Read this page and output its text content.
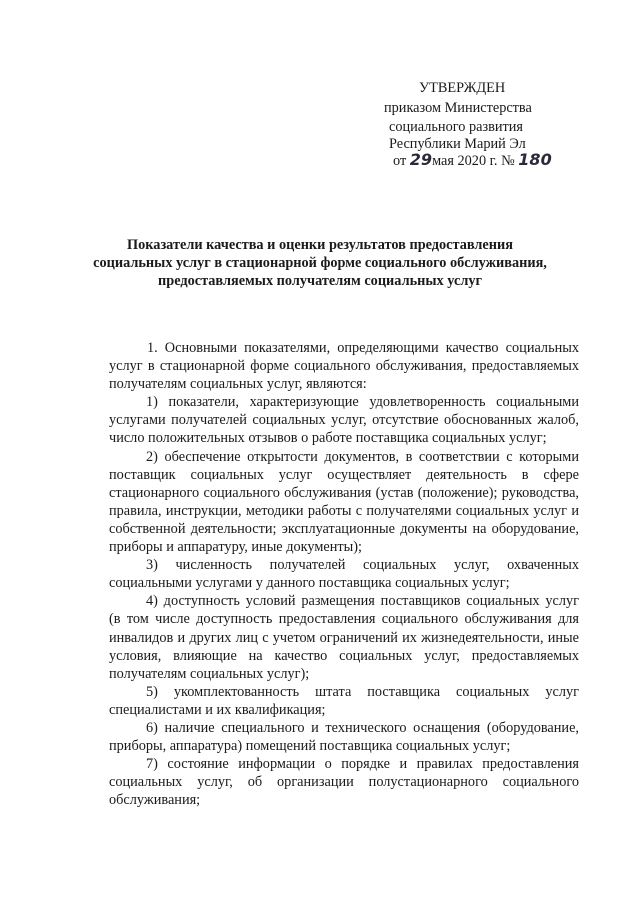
УТВЕРЖДЕН
приказом Министерства
социального развития
Республики Марий Эл
от 29мая 2020 г. № 180
Показатели качества и оценки результатов предоставления социальных услуг в стационарной форме социального обслуживания, предоставляемых получателям социальных услуг

1. Основными показателями, определяющими качество социальных услуг в стационарной форме социального обслуживания, предоставляемых получателям социальных услуг, являются:

1) показатели, характеризующие удовлетворенность социальными услугами получателей социальных услуг, отсутствие обоснованных жалоб, число положительных отзывов о работе поставщика социальных услуг;

2) обеспечение открытости документов, в соответствии с которыми поставщик социальных услуг осуществляет деятельность в сфере стационарного социального обслуживания (устав (положение); руководства, правила, инструкции, методики работы с получателями социальных услуг и собственной деятельности; эксплуатационные документы на оборудование, приборы и аппаратуру, иные документы);

3) численность получателей социальных услуг, охваченных социальными услугами у данного поставщика социальных услуг;

4) доступность условий размещения поставщиков социальных услуг (в том числе доступность предоставления социального обслуживания для инвалидов и других лиц с учетом ограничений их жизнедеятельности, иные условия, влияющие на качество социальных услуг, предоставляемых получателям социальных услуг);

5) укомплектованность штата поставщика социальных услуг специалистами и их квалификация;

6) наличие специального и технического оснащения (оборудование, приборы, аппаратура) помещений поставщика социальных услуг;

7) состояние информации о порядке и правилах предоставления социальных услуг, об организации полустационарного социального обслуживания;
